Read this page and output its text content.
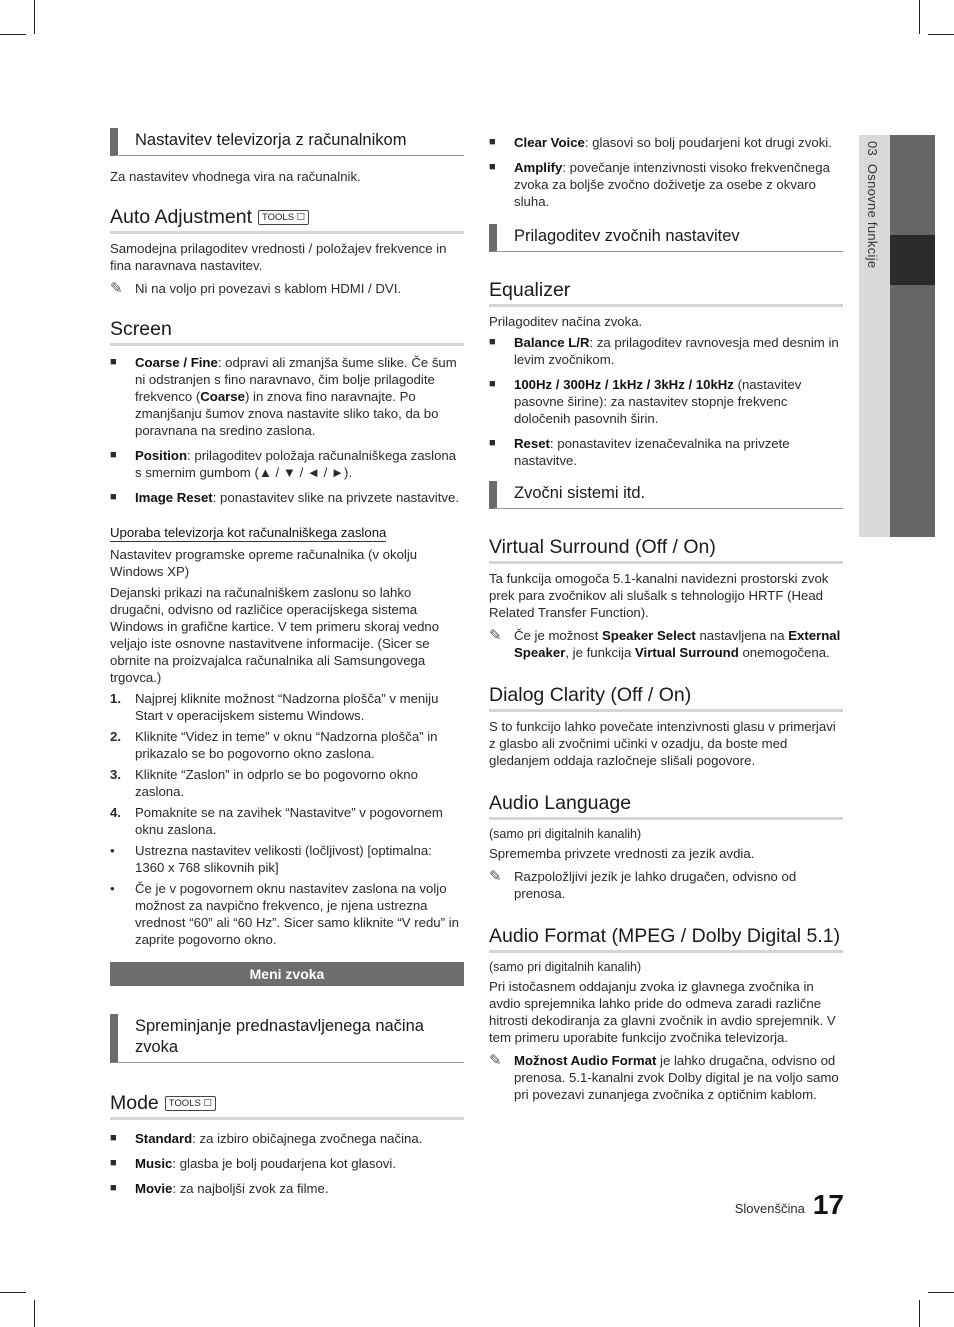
Nastavitev televizorja z računalnikom

Za nastavitev vhodnega vira na računalnik.

Auto Adjustment TOOLS ☐

Samodejna prilagoditev vrednosti / položajev frekvence in fina naravnava nastavitev.

✎ Ni na voljo pri povezavi s kablom HDMI / DVI.
Screen
■ Coarse / Fine: odpravi ali zmanjša šume slike. Če šum ni odstranjen s fino naravnavo, čim bolje prilagodite frekvenco (Coarse) in znova fino naravnajte. Po zmanjšanju šumov znova nastavite sliko tako, da bo poravnana na sredino zaslona.
■ Position: prilagoditev položaja računalniškega zaslona s smernim gumbom (▲ / ▼ / ◄ / ►).
■ Image Reset: ponastavitev slike na privzete nastavitve.
Uporaba televizorja kot računalniškega zaslona

Nastavitev programske opreme računalnika (v okolju Windows XP)

Dejanski prikazi na računalniškem zaslonu so lahko drugačni, odvisno od različice operacijskega sistema Windows in grafične kartice. V tem primeru skoraj vedno veljajo iste osnovne nastavitvene informacije. (Sicer se obrnite na proizvajalca računalnika ali Samsungovega trgovca.)

1. Najprej kliknite možnost “Nadzorna plošča” v meniju Start v operacijskem sistemu Windows.
2. Kliknite “Videz in teme” v oknu “Nadzorna plošča” in prikazalo se bo pogovorno okno zaslona.
3. Kliknite “Zaslon” in odprlo se bo pogovorno okno zaslona.
4. Pomaknite se na zavihek “Nastavitve” v pogovornem oknu zaslona.
• Ustrezna nastavitev velikosti (ločljivost) [optimalna: 1360 x 768 slikovnih pik]
• Če je v pogovornem oknu nastavitev zaslona na voljo možnost za navpično frekvenco, je njena ustrezna vrednost “60” ali “60 Hz”. Sicer samo kliknite “V redu” in zaprite pogovorno okno.
Meni zvoka
Spreminjanje prednastavljenega načina zvoka
Mode TOOLS ☐
■ Standard: za izbiro običajnega zvočnega načina.
■ Music: glasba je bolj poudarjena kot glasovi.
■ Movie: za najboljši zvok za filme.
■ Clear Voice: glasovi so bolj poudarjeni kot drugi zvoki.
■ Amplify: povečanje intenzivnosti visoko frekvenčnega zvoka za boljše zvočno doživetje za osebe z okvaro sluha.
Prilagoditev zvočnih nastavitev
Equalizer

Prilagoditev načina zvoka.

■ Balance L/R: za prilagoditev ravnovesja med desnim in levim zvočnikom.
■ 100Hz / 300Hz / 1kHz / 3kHz / 10kHz (nastavitev pasovne širine): za nastavitev stopnje frekvenc določenih pasovnih širin.
■ Reset: ponastavitev izenačevalnika na privzete nastavitve.
Zvočni sistemi itd.
Virtual Surround (Off / On)

Ta funkcija omogoča 5.1-kanalni navidezni prostorski zvok prek para zvočnikov ali slušalk s tehnologijo HRTF (Head Related Transfer Function).

✎ Če je možnost Speaker Select nastavljena na External Speaker, je funkcija Virtual Surround onemogočena.
Dialog Clarity (Off / On)

S to funkcijo lahko povečate intenzivnosti glasu v primerjavi z glasbo ali zvočnimi učinki v ozadju, da boste med gledanjem oddaja razločneje slišali pogovore.

Audio Language

(samo pri digitalnih kanalih)

Sprememba privzete vrednosti za jezik avdia.

✎ Razpoložljivi jezik je lahko drugačen, odvisno od prenosa.
Audio Format (MPEG / Dolby Digital 5.1)

(samo pri digitalnih kanalih)

Pri istočasnem oddajanju zvoka iz glavnega zvočnika in avdio sprejemnika lahko pride do odmeva zaradi različne hitrosti dekodiranja za glavni zvočnik in avdio sprejemnik. V tem primeru uporabite funkcijo zvočnika televizorja.

✎ Možnost Audio Format je lahko drugačna, odvisno od prenosa. 5.1-kanalni zvok Dolby digital je na voljo samo pri povezavi zunanjega zvočnika z optičnim kablom.
03  Osnovne funkcije
Slovenščina 17
